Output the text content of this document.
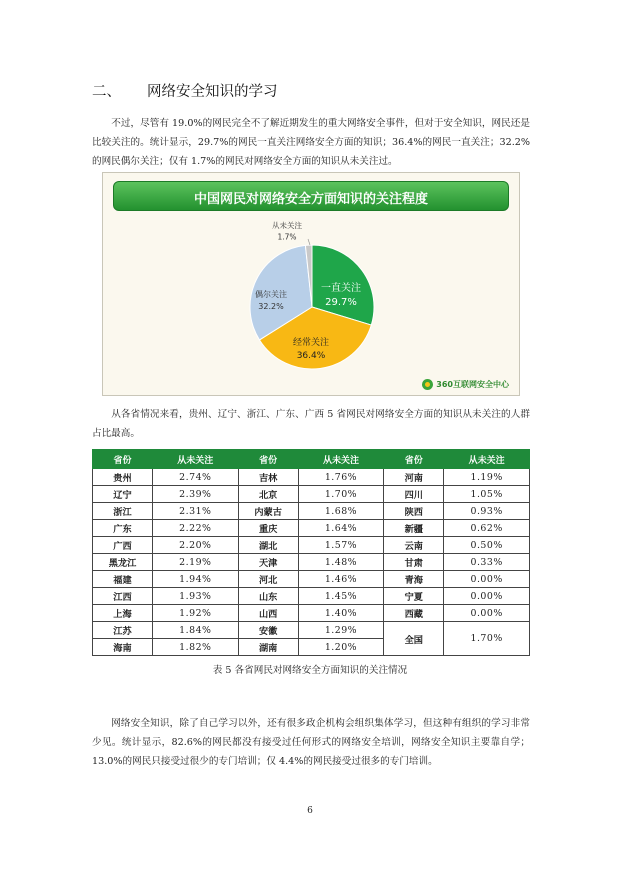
二、 网络安全知识的学习
不过，尽管有 19.0%的网民完全不了解近期发生的重大网络安全事件，但对于安全知识，网民还是比较关注的。统计显示，29.7%的网民一直关注网络安全方面的知识；36.4%的网民一直关注；32.2%的网民偶尔关注；仅有 1.7%的网民对网络安全方面的知识从未关注过。
中国网民对网络安全方面知识的关注程度
一直关注
29.7%
经常关注
36.4%
偶尔关注
32.2%
从未关注
1.7%
360互联网安全中心
从各省情况来看，贵州、辽宁、浙江、广东、广西 5 省网民对网络安全方面的知识从未关注的人群占比最高。
省份	从未关注	省份	从未关注	省份	从未关注
贵州	2.74%	吉林	1.76%	河南	1.19%
辽宁	2.39%	北京	1.70%	四川	1.05%
浙江	2.31%	内蒙古	1.68%	陕西	0.93%
广东	2.22%	重庆	1.64%	新疆	0.62%
广西	2.20%	湖北	1.57%	云南	0.50%
黑龙江	2.19%	天津	1.48%	甘肃	0.33%
福建	1.94%	河北	1.46%	青海	0.00%
江西	1.93%	山东	1.45%	宁夏	0.00%
上海	1.92%	山西	1.40%	西藏	0.00%
江苏	1.84%	安徽	1.29%	全国	1.70%
海南	1.82%	湖南	1.20%		
表 5 各省网民对网络安全方面知识的关注情况
网络安全知识，除了自己学习以外，还有很多政企机构会组织集体学习，但这种有组织的学习非常少见。统计显示，82.6%的网民都没有接受过任何形式的网络安全培训，网络安全知识主要靠自学；13.0%的网民只接受过很少的专门培训；仅 4.4%的网民接受过很多的专门培训。
6
